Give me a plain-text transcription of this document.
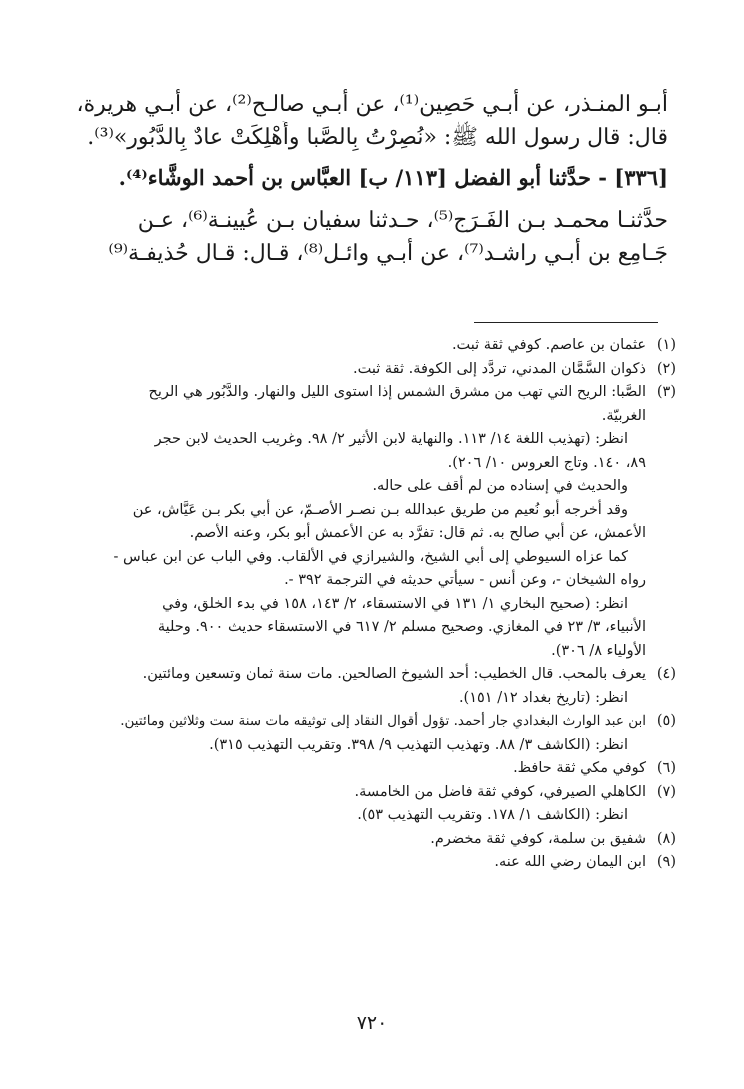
أبـو المنـذر، عن أبـي حَصِين⁽¹⁾، عن أبـي صالـح⁽²⁾، عن أبـي هريرة،
قال: قال رسول الله ﷺ: «نُصِرْتُ بِالصَّبا وأُهْلِكَتْ عادٌ بِالدَّبُور»⁽³⁾.
[٣٣٦] - حدَّثنا أبو الفضل [١١٣/ ب] العبَّاس بن أحمد الوشَّاء⁽⁴⁾.
حدَّثنـا محمـد بـن الفَـرَج⁽⁵⁾، حـدثنا سفيان بـن عُيينـة⁽⁶⁾، عـن
جَـامِع بن أبـي راشـد⁽⁷⁾، عن أبـي وائـل⁽⁸⁾، قـال: قـال حُذيفـة⁽⁹⁾
(١)

عثمان بن عاصم. كوفي ثقة ثبت.

(٢)

ذكوان السَّمَّان المدني، تردَّد إلى الكوفة. ثقة ثبت.

(٣)

الصَّبا: الريح التي تهب من مشرق الشمس إذا استوى الليل والنهار. والدَّبُور هي الريح

الغربيّة.

انظر: (تهذيب اللغة ١٤/ ١١٣. والنهاية لابن الأثير ٢/ ٩٨. وغريب الحديث لابن حجر

٨٩، ١٤٠. وتاج العروس ١٠/ ٢٠٦).

والحديث في إسناده من لم أقف على حاله.

وقد أخرجه أبو نُعيم من طريق عبدالله بـن نصـر الأصـمّ، عن أبي بكر بـن عَيَّاش، عن

الأعمش، عن أبي صالح به. ثم قال: تفرَّد به عن الأعمش أبو بكر، وعنه الأصم.

كما عزاه السيوطي إلى أبي الشيخ، والشيرازي في الألقاب. وفي الباب عن ابن عباس -

رواه الشيخان -، وعن أنس - سيأتي حديثه في الترجمة ٣٩٢ -.

انظر: (صحيح البخاري ١/ ١٣١ في الاستسقاء، ٢/ ١٤٣، ١٥٨ في بدء الخلق، وفي

الأنبياء، ٣/ ٢٣ في المغازي. وصحيح مسلم ٢/ ٦١٧ في الاستسقاء حديث ٩٠٠. وحلية

الأولياء ٨/ ٣٠٦).

(٤)

يعرف بالمحب. قال الخطيب: أحد الشيوخ الصالحين. مات سنة ثمان وتسعين ومائتين.

انظر: (تاريخ بغداد ١٢/ ١٥١).

(٥)

ابن عبد الوارث البغدادي جار أحمد. تؤول أقوال النقاد إلى توثيقه مات سنة ست وثلاثين ومائتين.

انظر: (الكاشف ٣/ ٨٨. وتهذيب التهذيب ٩/ ٣٩٨. وتقريب التهذيب ٣١٥).

(٦)

كوفي مكي ثقة حافظ.

(٧)

الكاهلي الصيرفي، كوفي ثقة فاضل من الخامسة.

انظر: (الكاشف ١/ ١٧٨. وتقريب التهذيب ٥٣).

(٨)

شفيق بن سلمة، كوفي ثقة مخضرم.

(٩)

ابن اليمان رضي الله عنه.

٧٢٠
